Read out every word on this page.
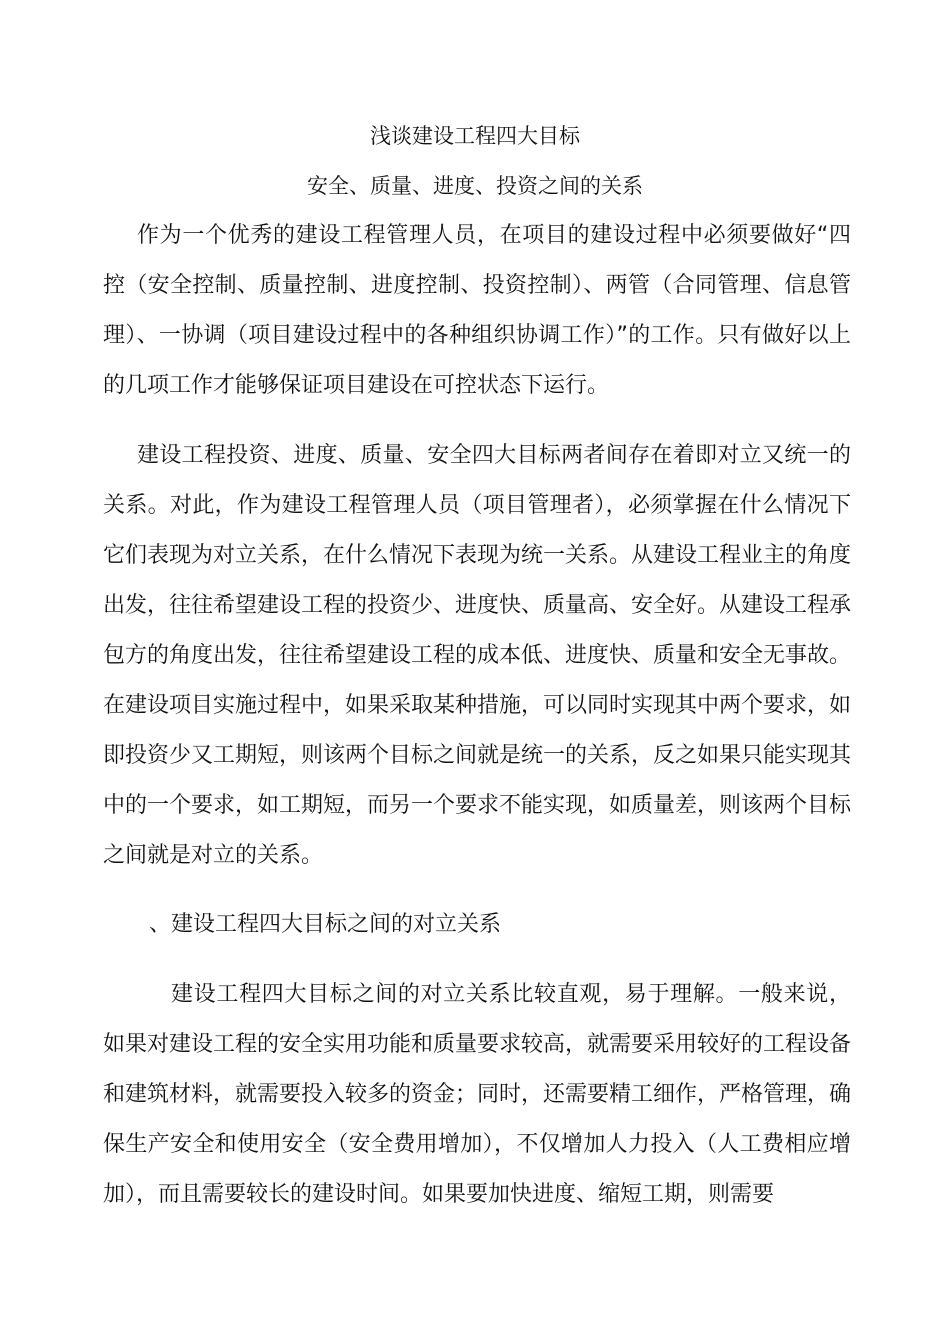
浅谈建设工程四大目标
安全、质量、进度、投资之间的关系

作为一个优秀的建设工程管理人员，在项目的建设过程中必须要做好“四控（安全控制、质量控制、进度控制、投资控制）、两管（合同管理、信息管理）、一协调（项目建设过程中的各种组织协调工作）”的工作。只有做好以上的几项工作才能够保证项目建设在可控状态下运行。

建设工程投资、进度、质量、安全四大目标两者间存在着即对立又统一的关系。对此，作为建设工程管理人员（项目管理者），必须掌握在什么情况下它们表现为对立关系，在什么情况下表现为统一关系。从建设工程业主的角度出发，往往希望建设工程的投资少、进度快、质量高、安全好。从建设工程承包方的角度出发，往往希望建设工程的成本低、进度快、质量和安全无事故。在建设项目实施过程中，如果采取某种措施，可以同时实现其中两个要求，如即投资少又工期短，则该两个目标之间就是统一的关系，反之如果只能实现其中的一个要求，如工期短，而另一个要求不能实现，如质量差，则该两个目标之间就是对立的关系。

、建设工程四大目标之间的对立关系

建设工程四大目标之间的对立关系比较直观，易于理解。一般来说，如果对建设工程的安全实用功能和质量要求较高，就需要采用较好的工程设备和建筑材料，就需要投入较多的资金；同时，还需要精工细作，严格管理，确保生产安全和使用安全（安全费用增加），不仅增加人力投入（人工费相应增加），而且需要较长的建设时间。如果要加快进度、缩短工期，则需要
